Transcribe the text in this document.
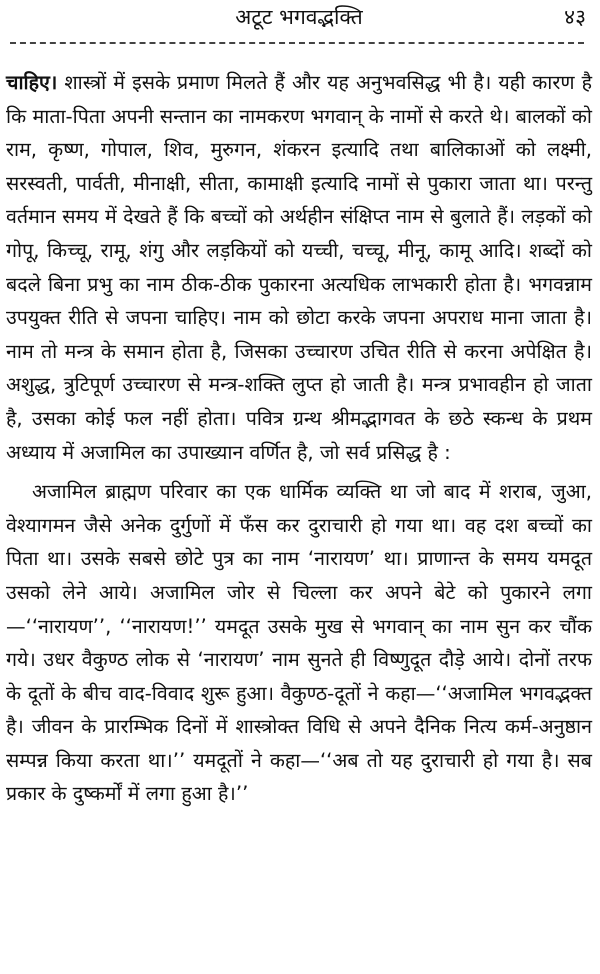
अटूट भगवद्भक्ति	४३

चाहिए। शास्त्रों में इसके प्रमाण मिलते हैं और यह अनुभवसिद्ध भी है। यही कारण है कि माता-पिता अपनी सन्तान का नामकरण भगवान् के नामों से करते थे। बालकों को राम, कृष्ण, गोपाल, शिव, मुरुगन, शंकरन इत्यादि तथा बालिकाओं को लक्ष्मी, सरस्वती, पार्वती, मीनाक्षी, सीता, कामाक्षी इत्यादि नामों से पुकारा जाता था। परन्तु वर्तमान समय में देखते हैं कि बच्चों को अर्थहीन संक्षिप्त नाम से बुलाते हैं। लड़कों को गोपू, किच्चू, रामू, शंगु और लड़कियों को यच्ची, चच्चू, मीनू, कामू आदि। शब्दों को बदले बिना प्रभु का नाम ठीक-ठीक पुकारना अत्यधिक लाभकारी होता है। भगवन्नाम उपयुक्त रीति से जपना चाहिए। नाम को छोटा करके जपना अपराध माना जाता है। नाम तो मन्त्र के समान होता है, जिसका उच्चारण उचित रीति से करना अपेक्षित है। अशुद्ध, त्रुटिपूर्ण उच्चारण से मन्त्र-शक्ति लुप्त हो जाती है। मन्त्र प्रभावहीन हो जाता है, उसका कोई फल नहीं होता। पवित्र ग्रन्थ श्रीमद्भागवत के छठे स्कन्ध के प्रथम अध्याय में अजामिल का उपाख्यान वर्णित है, जो सर्व प्रसिद्ध है :

अजामिल ब्राह्मण परिवार का एक धार्मिक व्यक्ति था जो बाद में शराब, जुआ, वेश्यागमन जैसे अनेक दुर्गुणों में फँस कर दुराचारी हो गया था। वह दश बच्चों का पिता था। उसके सबसे छोटे पुत्र का नाम ‘नारायण’ था। प्राणान्त के समय यमदूत उसको लेने आये। अजामिल जोर से चिल्ला कर अपने बेटे को पुकारने लगा—‘‘नारायण’’, ‘‘नारायण!’’ यमदूत उसके मुख से भगवान् का नाम सुन कर चौंक गये। उधर वैकुण्ठ लोक से ‘नारायण’ नाम सुनते ही विष्णुदूत दौड़े आये। दोनों तरफ के दूतों के बीच वाद-विवाद शुरू हुआ। वैकुण्ठ-दूतों ने कहा—‘‘अजामिल भगवद्भक्त है। जीवन के प्रारम्भिक दिनों में शास्त्रोक्त विधि से अपने दैनिक नित्य कर्म-अनुष्ठान सम्पन्न किया करता था।’’ यमदूतों ने कहा—‘‘अब तो यह दुराचारी हो गया है। सब प्रकार के दुष्कर्मों में लगा हुआ है।’’
